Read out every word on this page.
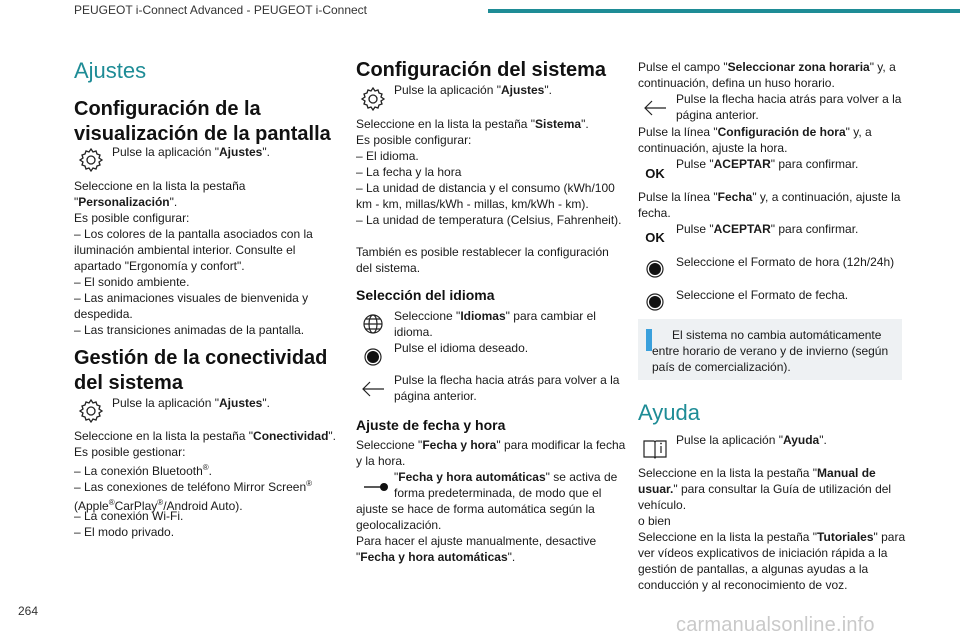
PEUGEOT i-Connect Advanced - PEUGEOT i-Connect
Ajustes
Configuración de la visualización de la pantalla
Pulse la aplicación "Ajustes".
Seleccione en la lista la pestaña "Personalización".
Es posible configurar:
– Los colores de la pantalla asociados con la iluminación ambiental interior. Consulte el apartado "Ergonomía y confort".
– El sonido ambiente.
– Las animaciones visuales de bienvenida y despedida.
– Las transiciones animadas de la pantalla.
Gestión de la conectividad del sistema
Pulse la aplicación "Ajustes".
Seleccione en la lista la pestaña "Conectividad".
Es posible gestionar:
– La conexión Bluetooth®.
– Las conexiones de teléfono Mirror Screen®
(Apple®CarPlay®/Android Auto).
– La conexión Wi-Fi.
– El modo privado.
Configuración del sistema
Pulse la aplicación "Ajustes".
Seleccione en la lista la pestaña "Sistema".
Es posible configurar:
– El idioma.
– La fecha y la hora
– La unidad de distancia y el consumo (kWh/100 km - km, millas/kWh - millas, km/kWh - km).
– La unidad de temperatura (Celsius, Fahrenheit).
También es posible restablecer la configuración del sistema.
Selección del idioma
Seleccione "Idiomas" para cambiar el idioma.
Pulse el idioma deseado.
Pulse la flecha hacia atrás para volver a la página anterior.
Ajuste de fecha y hora
Seleccione "Fecha y hora" para modificar la fecha y la hora.
"Fecha y hora automáticas" se activa de forma predeterminada, de modo que el
ajuste se hace de forma automática según la geolocalización.
Para hacer el ajuste manualmente, desactive
"Fecha y hora automáticas".
Pulse el campo "Seleccionar zona horaria" y, a continuación, defina un huso horario.
Pulse la flecha hacia atrás para volver a la página anterior.
Pulse la línea "Configuración de hora" y, a continuación, ajuste la hora.
OK
Pulse "ACEPTAR" para confirmar.
Pulse la línea "Fecha" y, a continuación, ajuste la fecha.
OK
Pulse "ACEPTAR" para confirmar.
Seleccione el Formato de hora (12h/24h)
Seleccione el Formato de fecha.
El sistema no cambia automáticamente entre horario de verano y de invierno (según país de comercialización).
Ayuda
Pulse la aplicación "Ayuda".
Seleccione en la lista la pestaña "Manual de usuar." para consultar la Guía de utilización del vehículo.
o bien
Seleccione en la lista la pestaña "Tutoriales" para ver vídeos explicativos de iniciación rápida a la gestión de pantallas, a algunas ayudas a la conducción y al reconocimiento de voz.
264
carmanualsonline.info
